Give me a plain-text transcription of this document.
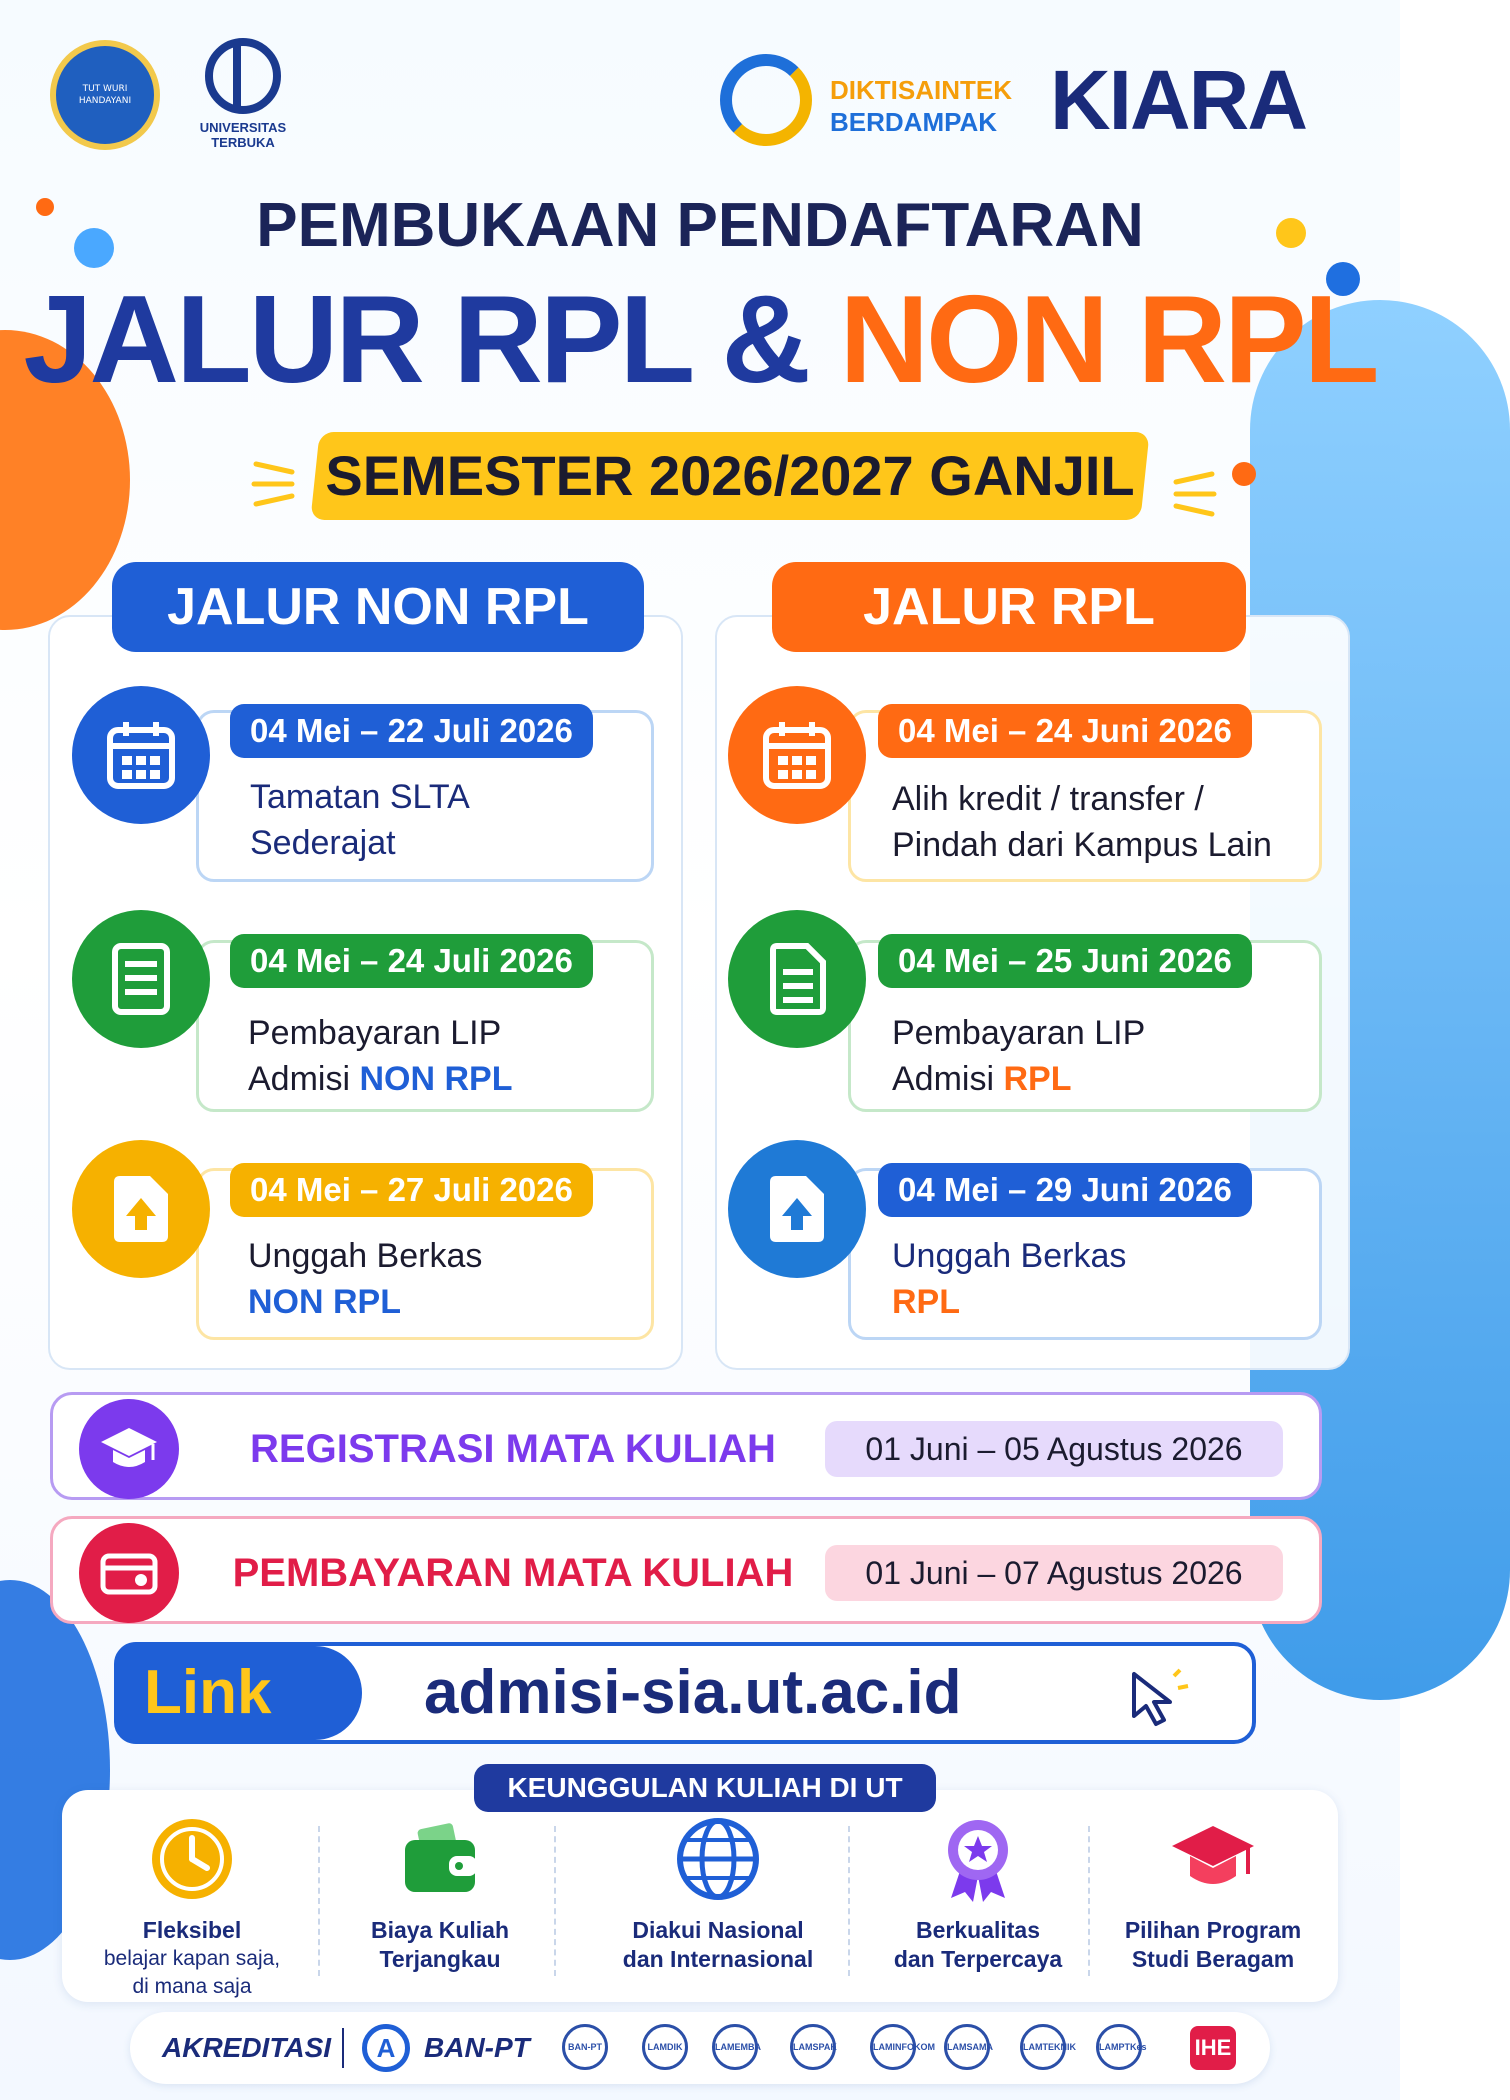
TUT WURI HANDAYANI
UNIVERSITAS TERBUKA
DIKTISAINTEK
BERDAMPAK KIARA
PEMBUKAAN PENDAFTARAN
JALUR RPL & NON RPL
SEMESTER 2026/2027 GANJIL
JALUR NON RPL	JALUR RPL
04 Mei – 22 Juli 2026
Tamatan SLTA
Sederajat
04 Mei – 24 Juli 2026
Pembayaran LIP
Admisi NON RPL
04 Mei – 27 Juli 2026
Unggah Berkas
NON RPL
04 Mei – 24 Juni 2026
Alih kredit / transfer /
Pindah dari Kampus Lain
04 Mei – 25 Juni 2026
Pembayaran LIP
Admisi RPL
04 Mei – 29 Juni 2026
Unggah Berkas
RPL
REGISTRASI MATA KULIAH	01 Juni – 05 Agustus 2026
PEMBAYARAN MATA KULIAH	01 Juni – 07 Agustus 2026
Link admisi-sia.ut.ac.id
Fleksibel
belajar kapan saja,
di mana saja
Biaya Kuliah
Terjangkau
Diakui Nasional
dan Internasional
Berkualitas
dan Terpercaya
Pilihan Program
Studi Beragam
KEUNGGULAN KULIAH DI UT
AKREDITASI	A	BAN-PT	BAN-PT	LAMDIK	LAMEMBA	LAMSPAK	LAMINFOKOM	LAMSAMA	LAMTEKNIK	LAMPTKes IHE
